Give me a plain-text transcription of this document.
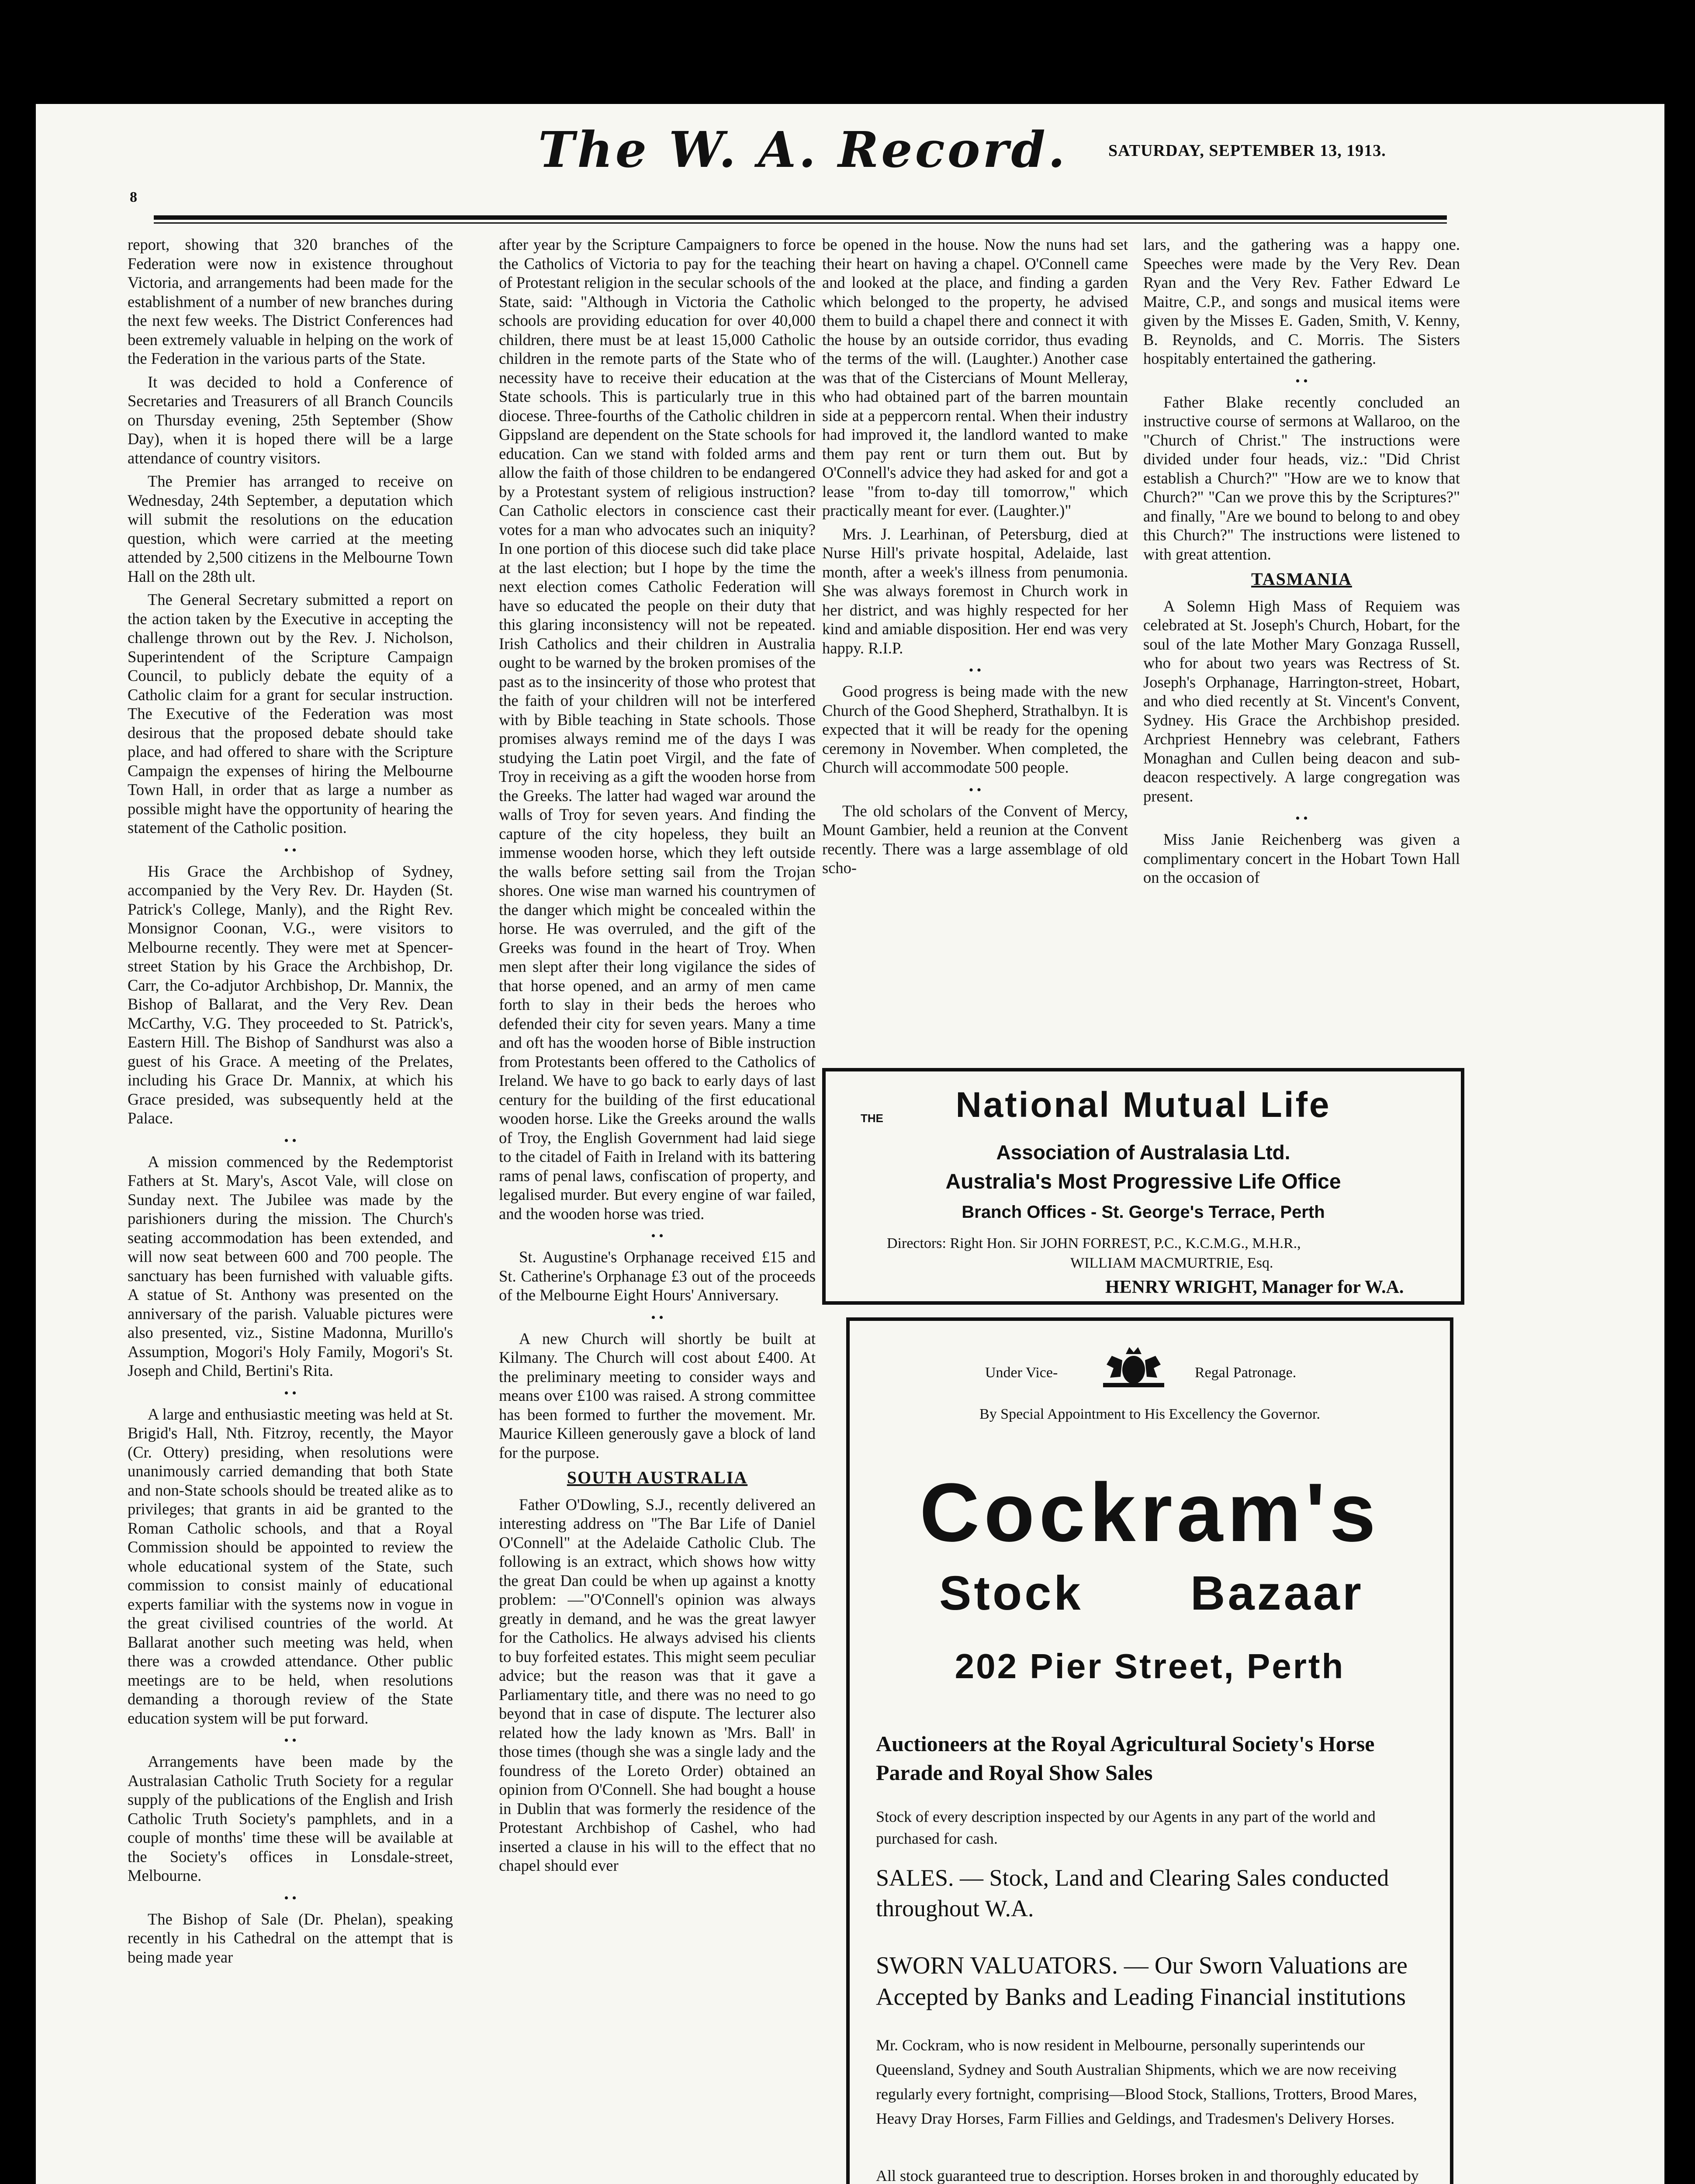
The W. A. Record. SATURDAY, SEPTEMBER 13, 1913.
8

report, showing that 320 branches of the Federation were now in existence throughout Victoria, and arrangements had been made for the establishment of a number of new branches during the next few weeks. The District Conferences had been extremely valuable in helping on the work of the Federation in the various parts of the State.

It was decided to hold a Conference of Secretaries and Treasurers of all Branch Councils on Thursday evening, 25th September (Show Day), when it is hoped there will be a large attendance of country visitors.

The Premier has arranged to receive on Wednesday, 24th September, a deputation which will submit the resolutions on the education question, which were carried at the meeting attended by 2,500 citizens in the Melbourne Town Hall on the 28th ult.

The General Secretary submitted a report on the action taken by the Executive in accepting the challenge thrown out by the Rev. J. Nicholson, Superintendent of the Scripture Campaign Council, to publicly debate the equity of a Catholic claim for a grant for secular instruction. The Executive of the Federation was most desirous that the proposed debate should take place, and had offered to share with the Scripture Campaign the expenses of hiring the Melbourne Town Hall, in order that as large a number as possible might have the opportunity of hearing the statement of the Catholic position.

• •

His Grace the Archbishop of Sydney, accompanied by the Very Rev. Dr. Hayden (St. Patrick's College, Manly), and the Right Rev. Monsignor Coonan, V.G., were visitors to Melbourne recently. They were met at Spencer-street Station by his Grace the Archbishop, Dr. Carr, the Co-adjutor Archbishop, Dr. Mannix, the Bishop of Ballarat, and the Very Rev. Dean McCarthy, V.G. They proceeded to St. Patrick's, Eastern Hill. The Bishop of Sandhurst was also a guest of his Grace. A meeting of the Prelates, including his Grace Dr. Mannix, at which his Grace presided, was subsequently held at the Palace.

• •

A mission commenced by the Redemptorist Fathers at St. Mary's, Ascot Vale, will close on Sunday next. The Jubilee was made by the parishioners during the mission. The Church's seating accommodation has been extended, and will now seat between 600 and 700 people. The sanctuary has been furnished with valuable gifts. A statue of St. Anthony was presented on the anniversary of the parish. Valuable pictures were also presented, viz., Sistine Madonna, Murillo's Assumption, Mogori's Holy Family, Mogori's St. Joseph and Child, Bertini's Rita.

• •

A large and enthusiastic meeting was held at St. Brigid's Hall, Nth. Fitzroy, recently, the Mayor (Cr. Ottery) presiding, when resolutions were unanimously carried demanding that both State and non-State schools should be treated alike as to privileges; that grants in aid be granted to the Roman Catholic schools, and that a Royal Commission should be appointed to review the whole educational system of the State, such commission to consist mainly of educational experts familiar with the systems now in vogue in the great civilised countries of the world. At Ballarat another such meeting was held, when there was a crowded attendance. Other public meetings are to be held, when resolutions demanding a thorough review of the State education system will be put forward.

• •

Arrangements have been made by the Australasian Catholic Truth Society for a regular supply of the publications of the English and Irish Catholic Truth Society's pamphlets, and in a couple of months' time these will be available at the Society's offices in Lonsdale-street, Melbourne.

• •

The Bishop of Sale (Dr. Phelan), speaking recently in his Cathedral on the attempt that is being made year

after year by the Scripture Campaigners to force the Catholics of Victoria to pay for the teaching of Protestant religion in the secular schools of the State, said: "Although in Victoria the Catholic schools are providing education for over 40,000 children, there must be at least 15,000 Catholic children in the remote parts of the State who of necessity have to receive their education at the State schools. This is particularly true in this diocese. Three-fourths of the Catholic children in Gippsland are dependent on the State schools for education. Can we stand with folded arms and allow the faith of those children to be endangered by a Protestant system of religious instruction? Can Catholic electors in conscience cast their votes for a man who advocates such an iniquity? In one portion of this diocese such did take place at the last election; but I hope by the time the next election comes Catholic Federation will have so educated the people on their duty that this glaring inconsistency will not be repeated. Irish Catholics and their children in Australia ought to be warned by the broken promises of the past as to the insincerity of those who protest that the faith of your children will not be interfered with by Bible teaching in State schools. Those promises always remind me of the days I was studying the Latin poet Virgil, and the fate of Troy in receiving as a gift the wooden horse from the Greeks. The latter had waged war around the walls of Troy for seven years. And finding the capture of the city hopeless, they built an immense wooden horse, which they left outside the walls before setting sail from the Trojan shores. One wise man warned his countrymen of the danger which might be concealed within the horse. He was overruled, and the gift of the Greeks was found in the heart of Troy. When men slept after their long vigilance the sides of that horse opened, and an army of men came forth to slay in their beds the heroes who defended their city for seven years. Many a time and oft has the wooden horse of Bible instruction from Protestants been offered to the Catholics of Ireland. We have to go back to early days of last century for the building of the first educational wooden horse. Like the Greeks around the walls of Troy, the English Government had laid siege to the citadel of Faith in Ireland with its battering rams of penal laws, confiscation of property, and legalised murder. But every engine of war failed, and the wooden horse was tried.

• •

St. Augustine's Orphanage received £15 and St. Catherine's Orphanage £3 out of the proceeds of the Melbourne Eight Hours' Anniversary.

• •

A new Church will shortly be built at Kilmany. The Church will cost about £400. At the preliminary meeting to consider ways and means over £100 was raised. A strong committee has been formed to further the movement. Mr. Maurice Killeen generously gave a block of land for the purpose.

SOUTH AUSTRALIA

Father O'Dowling, S.J., recently delivered an interesting address on "The Bar Life of Daniel O'Connell" at the Adelaide Catholic Club. The following is an extract, which shows how witty the great Dan could be when up against a knotty problem: —"O'Connell's opinion was always greatly in demand, and he was the great lawyer for the Catholics. He always advised his clients to buy forfeited estates. This might seem peculiar advice; but the reason was that it gave a Parliamentary title, and there was no need to go beyond that in case of dispute. The lecturer also related how the lady known as 'Mrs. Ball' in those times (though she was a single lady and the foundress of the Loreto Order) obtained an opinion from O'Connell. She had bought a house in Dublin that was formerly the residence of the Protestant Archbishop of Cashel, who had inserted a clause in his will to the effect that no chapel should ever

be opened in the house. Now the nuns had set their heart on having a chapel. O'Connell came and looked at the place, and finding a garden which belonged to the property, he advised them to build a chapel there and connect it with the house by an outside corridor, thus evading the terms of the will. (Laughter.) Another case was that of the Cistercians of Mount Melleray, who had obtained part of the barren mountain side at a peppercorn rental. When their industry had improved it, the landlord wanted to make them pay rent or turn them out. But by O'Connell's advice they had asked for and got a lease "from to-day till tomorrow," which practically meant for ever. (Laughter.)"

Mrs. J. Learhinan, of Petersburg, died at Nurse Hill's private hospital, Adelaide, last month, after a week's illness from penumonia. She was always foremost in Church work in her district, and was highly respected for her kind and amiable disposition. Her end was very happy. R.I.P.

• •

Good progress is being made with the new Church of the Good Shepherd, Strathalbyn. It is expected that it will be ready for the opening ceremony in November. When completed, the Church will accommodate 500 people.

• •

The old scholars of the Convent of Mercy, Mount Gambier, held a reunion at the Convent recently. There was a large assemblage of old scho-

lars, and the gathering was a happy one. Speeches were made by the Very Rev. Dean Ryan and the Very Rev. Father Edward Le Maitre, C.P., and songs and musical items were given by the Misses E. Gaden, Smith, V. Kenny, B. Reynolds, and C. Morris. The Sisters hospitably entertained the gathering.

• •

Father Blake recently concluded an instructive course of sermons at Wallaroo, on the "Church of Christ." The instructions were divided under four heads, viz.: "Did Christ establish a Church?" "How are we to know that Church?" "Can we prove this by the Scriptures?" and finally, "Are we bound to belong to and obey this Church?" The instructions were listened to with great attention.

TASMANIA

A Solemn High Mass of Requiem was celebrated at St. Joseph's Church, Hobart, for the soul of the late Mother Mary Gonzaga Russell, who for about two years was Rectress of St. Joseph's Orphanage, Harrington-street, Hobart, and who died recently at St. Vincent's Convent, Sydney. His Grace the Archbishop presided. Archpriest Hennebry was celebrant, Fathers Monaghan and Cullen being deacon and sub-deacon respectively. A large congregation was present.

• •

Miss Janie Reichenberg was given a complimentary concert in the Hobart Town Hall on the occasion of

THE	National Mutual Life
Association of Australasia Ltd.
Australia's Most Progressive Life Office
Branch Offices - St. George's Terrace, Perth
Directors: Right Hon. Sir JOHN FORREST, P.C., K.C.M.G., M.H.R.,
WILLIAM MACMURTRIE, Esq.
HENRY WRIGHT, Manager for W.A.
Under Vice-	Regal Patronage.
By Special Appointment to His Excellency the Governor.
Cockram's
Stock Bazaar
202 Pier Street, Perth
Auctioneers at the Royal Agricultural Society's Horse Parade and Royal Show Sales
Stock of every description inspected by our Agents in any part of the world and purchased for cash.
SALES. — Stock, Land and Clearing Sales conducted throughout W.A.
SWORN VALUATORS. — Our Sworn Valuations are Accepted by Banks and Leading Financial institutions
Mr. Cockram, who is now resident in Melbourne, personally superintends our Queensland, Sydney and South Australian Shipments, which we are now receiving regularly every fortnight, comprising—Blood Stock, Stallions, Trotters, Brood Mares, Heavy Dray Horses, Farm Fillies and Geldings, and Tradesmen's Delivery Horses.
All stock guaranteed true to description. Horses broken in and thoroughly educated by
